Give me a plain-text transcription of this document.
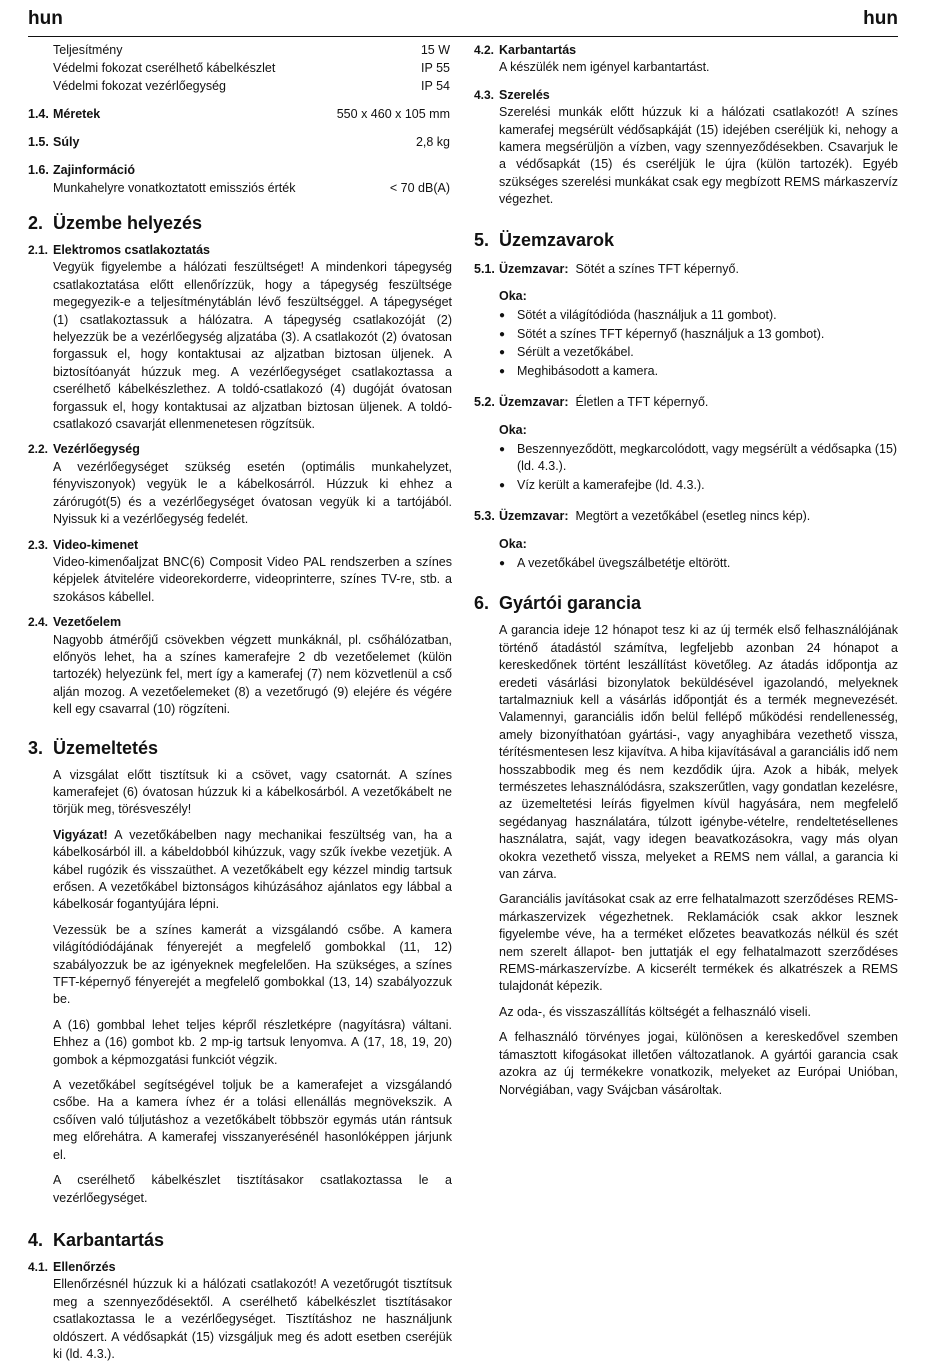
hun	hun
Teljesítmény	15 W
Védelmi fokozat cserélhető kábelkészlet	IP 55
Védelmi fokozat vezérlőegység	IP 54
1.4. Méretek	550 x 460 x 105 mm
1.5. Súly	2,8 kg
1.6. Zajinformáció
Munkahelyre vonatkoztatott emissziós érték	< 70 dB(A)
2. Üzembe helyezés
2.1. Elektromos csatlakoztatás

Vegyük figyelembe a hálózati feszültséget! A mindenkori tápegység csatlakoztatása előtt ellenőrízzük, hogy a tápegység feszültsége megegyezik-e a teljesítménytáblán lévő feszültséggel. A tápegységet (1) csatlakoztassuk a hálózatra. A tápegység csatlakozóját (2) helyezzük be a vezérlőegység aljzatába (3). A csatlakozót (2) óvatosan forgassuk el, hogy kontaktusai az aljzatban biztosan üljenek. A biztosítóanyát húzzuk meg. A vezérlőegységet csatlakoztassa a cserélhető kábelkészlethez. A toldó-csatlakozó (4) dugóját óvatosan forgassuk el, hogy kontaktusai az aljzatban biztosan üljenek. A toldó-csatlakozó csavarját ellenmenetesen rögzítsük.

2.2. Vezérlőegység

A vezérlőegységet szükség esetén (optimális munkahelyzet, fényviszonyok) vegyük le a kábelkosárról. Húzzuk ki ehhez a zárórugót(5) és a vezérlőegységet óvatosan vegyük ki a tartójából. Nyissuk ki a vezérlőegység fedelét.

2.3. Video-kimenet

Video-kimenőaljzat BNC(6) Composit Video PAL rendszerben a színes képjelek átvitelére videorekorderre, videoprinterre, színes TV-re, stb. a szokásos kábellel.

2.4. Vezetőelem

Nagyobb átmérőjű csövekben végzett munkáknál, pl. csőhálózatban, előnyös lehet, ha a színes kamerafejre 2 db vezetőelemet (külön tartozék) helyezünk fel, mert így a kamerafej (7) nem közvetlenül a cső alján mozog. A vezetőelemeket (8) a vezetőrugó (9) elejére és végére kell egy csavarral (10) rögzíteni.

3. Üzemeltetés

A vizsgálat előtt tisztítsuk ki a csövet, vagy csatornát. A színes kamerafejet (6) óvatosan húzzuk ki a kábelkosárból. A vezetőkábelt ne törjük meg, törésveszély!

Vigyázat! A vezetőkábelben nagy mechanikai feszültség van, ha a kábelkosárból ill. a kábeldobból kihúzzuk, vagy szűk ívekbe vezetjük. A kábel rugózik és visszaüthet. A vezetőkábelt egy kézzel mindig tartsuk erősen. A vezetőkábel biztonságos kihúzásához ajánlatos egy lábbal a kábelkosár fogantyújára lépni.

Vezessük be a színes kamerát a vizsgálandó csőbe. A kamera világítódiódájának fényerejét a megfelelő gombokkal (11, 12) szabályozzuk be az igényeknek megfelelően. Ha szükséges, a színes TFT-képernyő fényerejét a megfelelő gombokkal (13, 14) szabályozzuk be.

A (16) gombbal lehet teljes képről részletképre (nagyításra) váltani. Ehhez a (16) gombot kb. 2 mp-ig tartsuk lenyomva. A (17, 18, 19, 20) gombok a képmozgatási funkciót végzik.

A vezetőkábel segítségével toljuk be a kamerafejet a vizsgálandó csőbe. Ha a kamera ívhez ér a tolási ellenállás megnövekszik. A csőíven való túljutáshoz a vezetőkábelt többször egymás után rántsuk meg előrehátra. A kamerafej visszanyerésénél hasonlóképpen járjunk el.

A cserélhető kábelkészlet tisztításakor csatlakoztassa le a vezérlőegységet.

4. Karbantartás
4.1. Ellenőrzés

Ellenőrzésnél húzzuk ki a hálózati csatlakozót! A vezetőrugót tisztítsuk meg a szennyeződésektől. A cserélhető kábelkészlet tisztításakor csatlakoztassa le a vezérlőegységet. Tisztításhoz ne használjunk oldószert. A védősapkát (15) vizsgáljuk meg és adott esetben cseréjük ki (ld. 4.3.).

4.2. Karbantartás

A készülék nem igényel karbantartást.

4.3. Szerelés

Szerelési munkák előtt húzzuk ki a hálózati csatlakozót! A színes kamerafej megsérült védősapkáját (15) idejében cseréljük ki, nehogy a kamera megsérüljön a vízben, vagy szennyeződésekben. Csavarjuk le a védősapkát (15) és cseréljük le újra (külön tartozék). Egyéb szükséges szerelési munkákat csak egy megbízott REMS márkaszervíz végezhet.

5. Üzemzavarok
5.1. Üzemzavar: Sötét a színes TFT képernyő.
Oka:
● Sötét a világítódióda (használjuk a 11 gombot).
● Sötét a színes TFT képernyő (használjuk a 13 gombot).
● Sérült a vezetőkábel.
● Meghibásodott a kamera.
5.2. Üzemzavar: Életlen a TFT képernyő.
Oka:
● Beszennyeződött, megkarcolódott, vagy megsérült a védősapka (15) (ld. 4.3.).
● Víz került a kamerafejbe (ld. 4.3.).
5.3. Üzemzavar: Megtört a vezetőkábel (esetleg nincs kép).
Oka:
● A vezetőkábel üvegszálbetétje eltörött.
6. Gyártói garancia

A garancia ideje 12 hónapot tesz ki az új termék első felhasználójának történő átadástól számítva, legfeljebb azonban 24 hónapot a kereskedőnek történt leszállítást követőleg. Az átadás időpontja az eredeti vásárlási bizonylatok beküldésével igazolandó, melyeknek tartalmazniuk kell a vásárlás időpontját és a termék megnevezését. Valamennyi, garanciális időn belül fellépő működési rendellenesség, amely bizonyíthatóan gyártási-, vagy anyaghibára vezethető vissza, térítésmentesen lesz kijavítva. A hiba kijavításával a garanciális idő nem hosszabbodik meg és nem kezdődik újra. Azok a hibák, melyek természetes lehasználódásra, szakszerűtlen, vagy gondatlan kezelésre, az üzemeltetési leírás figyelmen kívül hagyására, nem megfelelő segédanyag használatára, túlzott igénybe-vételre, rendeltetésellenes használatra, saját, vagy idegen beavatkozásokra, vagy más olyan okokra vezethető vissza, melyeket a REMS nem vállal, a garancia ki van zárva.

Garanciális javításokat csak az erre felhatalmazott szerződéses REMS-márkaszervizek végezhetnek. Reklamációk csak akkor lesznek figyelembe véve, ha a terméket előzetes beavatkozás nélkül és szét nem szerelt állapot- ben juttatják el egy felhatalmazott szerződéses REMS-márkaszervízbe. A kicserélt termékek és alkatrészek a REMS tulajdonát képezik.

Az oda-, és visszaszállítás költségét a felhasználó viseli.

A felhasználó törvényes jogai, különösen a kereskedővel szemben támasztott kifogásokat illetően változatlanok. A gyártói garancia csak azokra az új termékekre vonatkozik, melyeket az Európai Unióban, Norvégiában, vagy Svájcban vásároltak.
